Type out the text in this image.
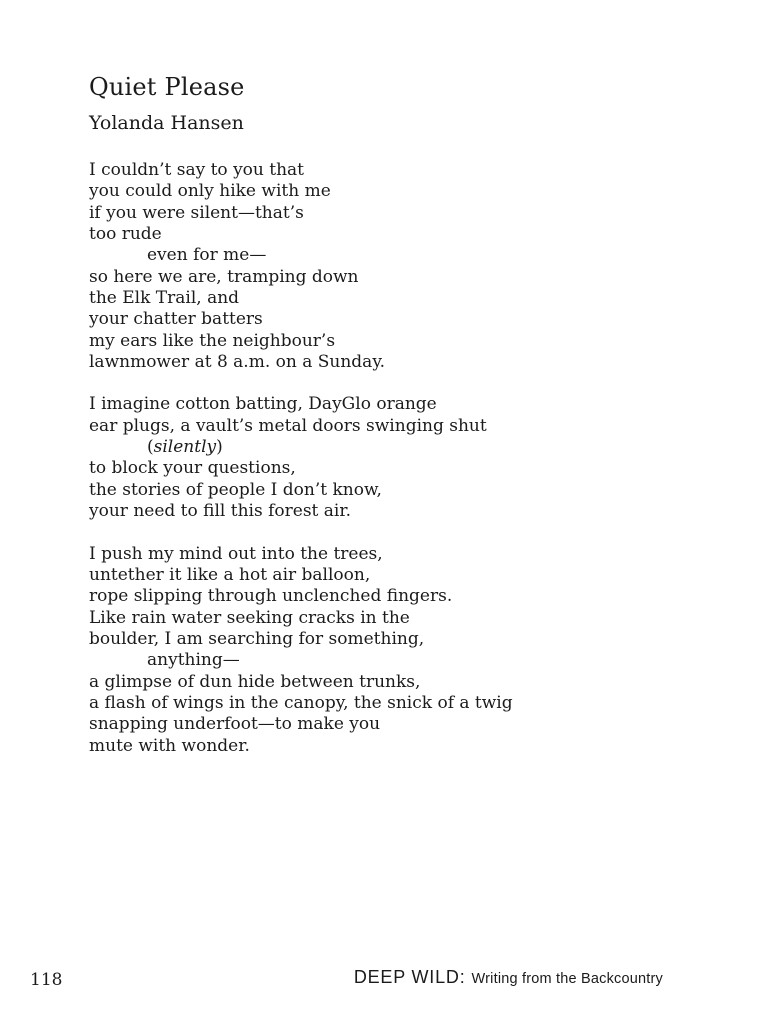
Quiet Please
Yolanda Hansen
I couldn’t say to you that
you could only hike with me
if you were silent—that’s
too rude
even for me—
so here we are, tramping down
the Elk Trail, and
your chatter batters
my ears like the neighbour’s
lawnmower at 8 a.m. on a Sunday.
I imagine cotton batting, DayGlo orange
ear plugs, a vault’s metal doors swinging shut
(silently)
to block your questions,
the stories of people I don’t know,
your need to fill this forest air.
I push my mind out into the trees,
untether it like a hot air balloon,
rope slipping through unclenched fingers.
Like rain water seeking cracks in the
boulder, I am searching for something,
anything—
a glimpse of dun hide between trunks,
a flash of wings in the canopy, the snick of a twig
snapping underfoot—to make you
mute with wonder.
118	DEEP WILD: Writing from the Backcountry
